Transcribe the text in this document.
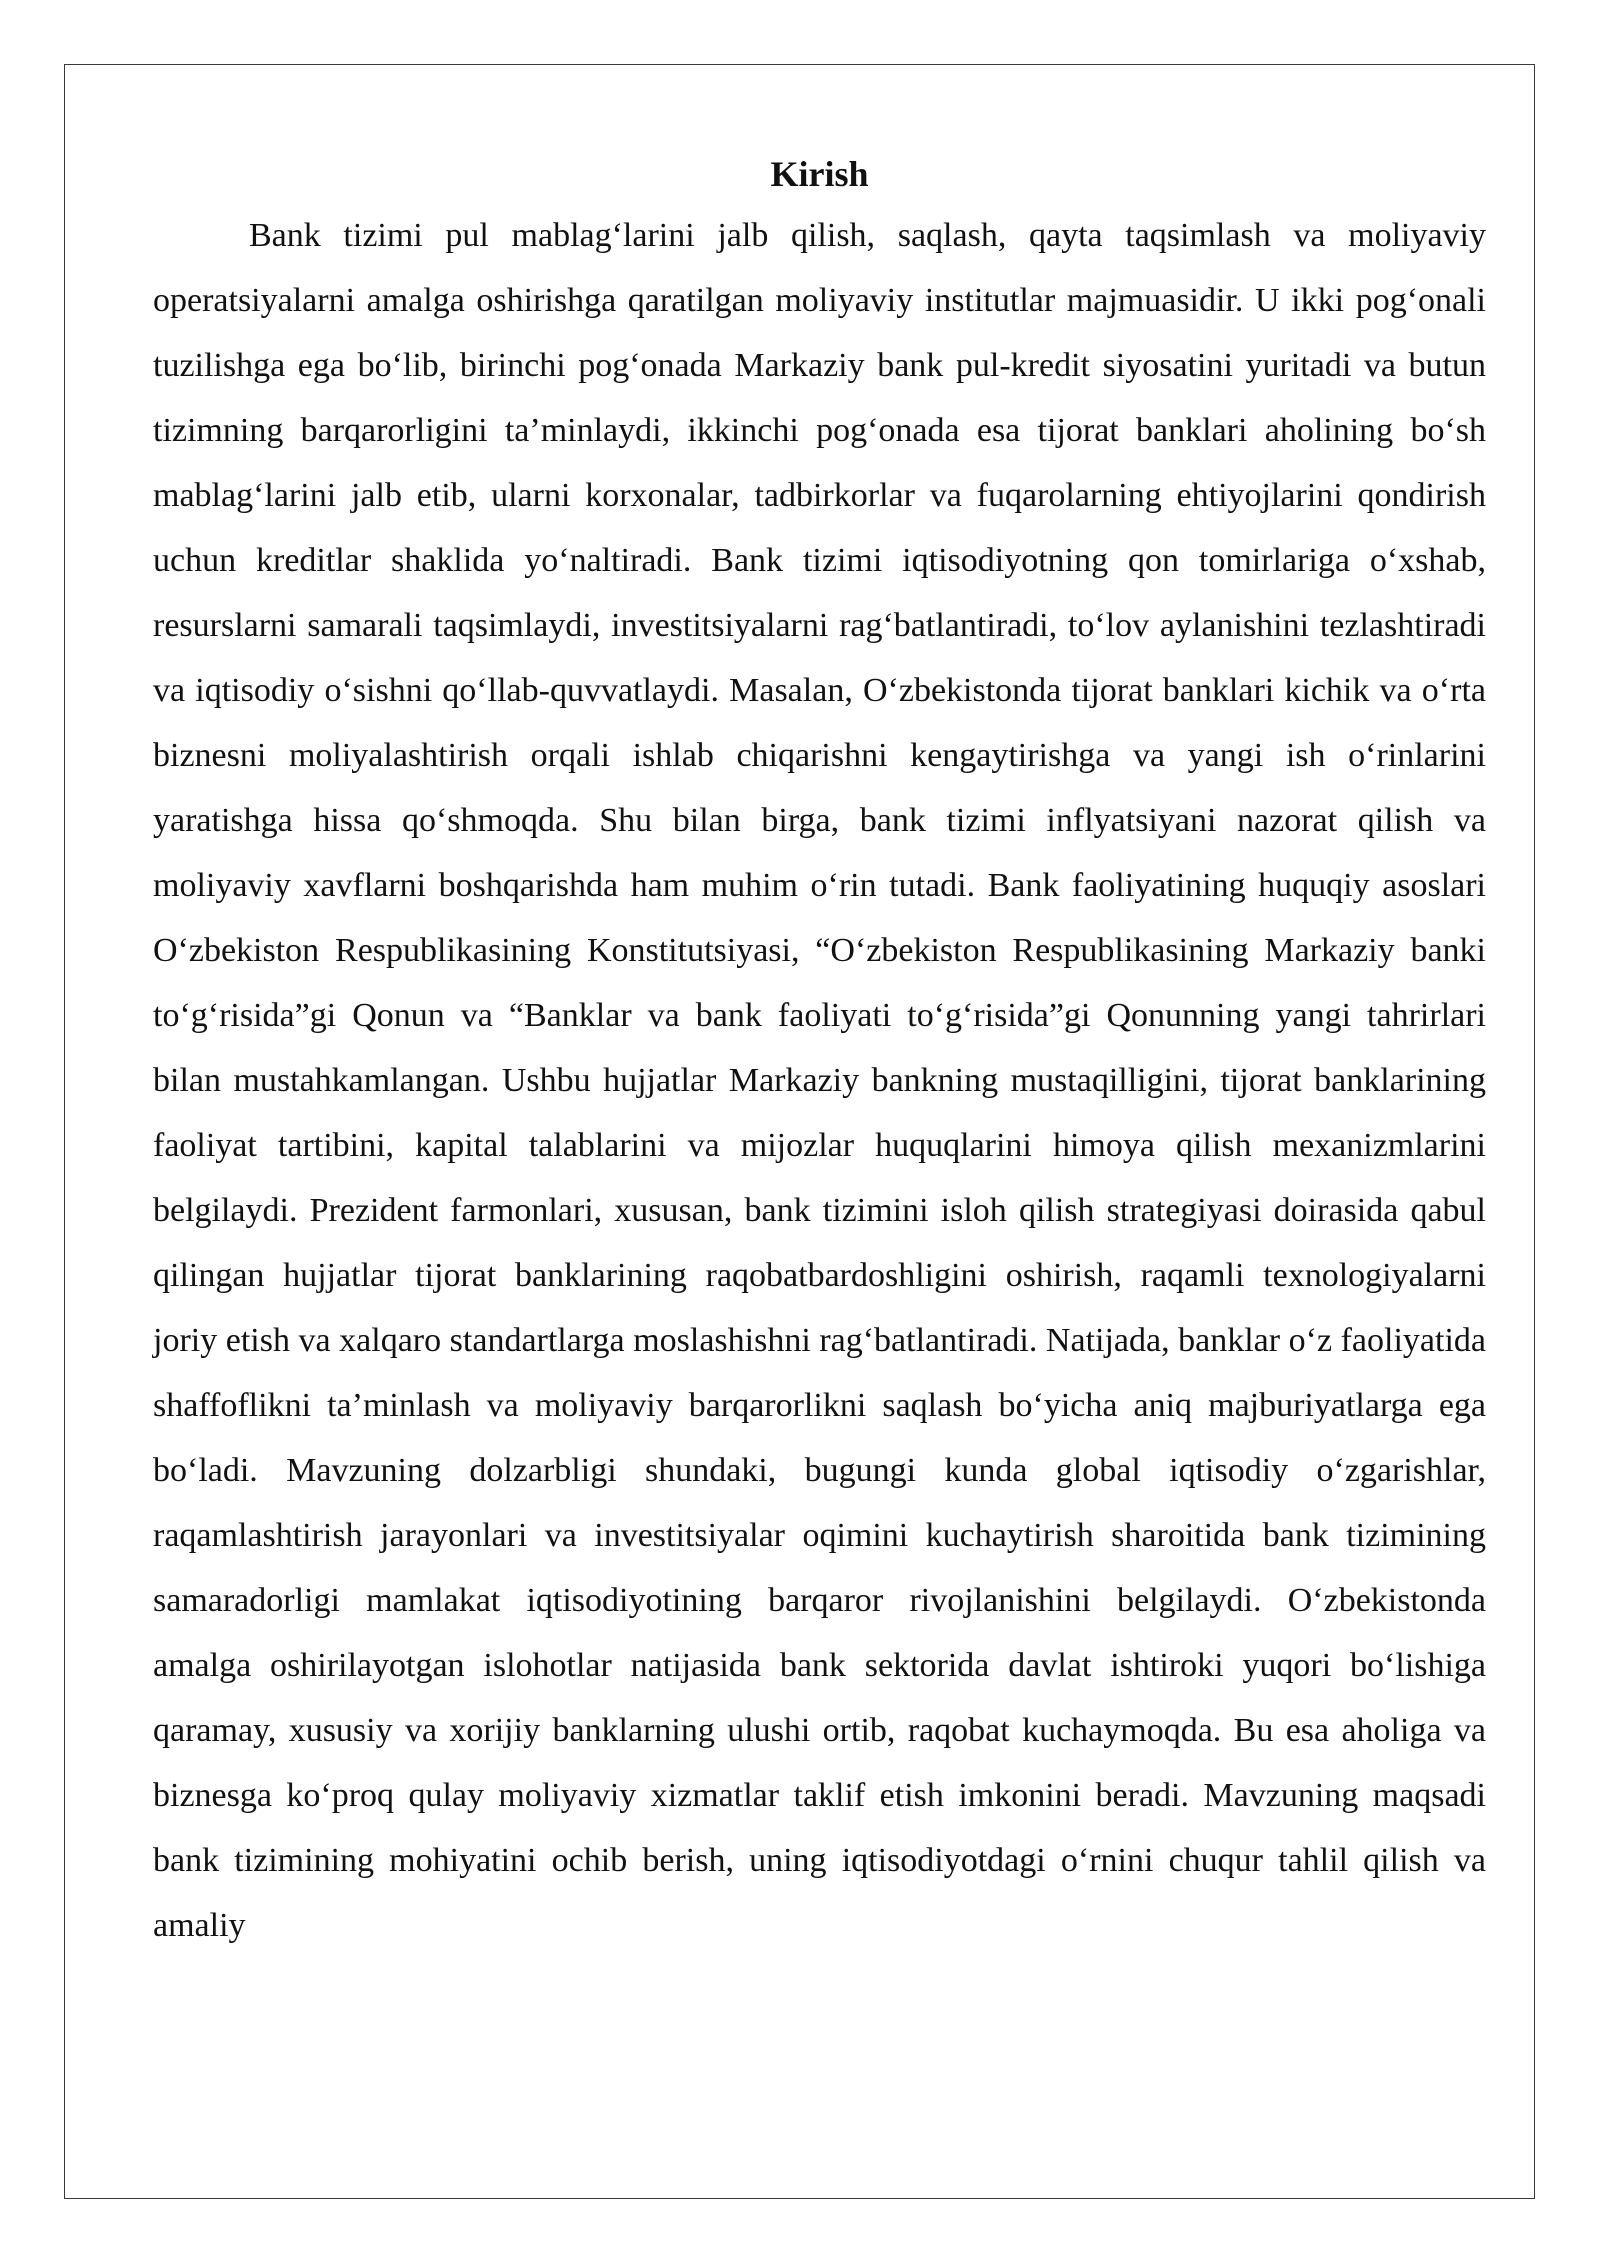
Kirish

Bank tizimi pul mablag‘larini jalb qilish, saqlash, qayta taqsimlash va moliyaviy operatsiyalarni amalga oshirishga qaratilgan moliyaviy institutlar majmuasidir. U ikki pog‘onali tuzilishga ega bo‘lib, birinchi pog‘onada Markaziy bank pul-kredit siyosatini yuritadi va butun tizimning barqarorligini ta’minlaydi, ikkinchi pog‘onada esa tijorat banklari aholining bo‘sh mablag‘larini jalb etib, ularni korxonalar, tadbirkorlar va fuqarolarning ehtiyojlarini qondirish uchun kreditlar shaklida yo‘naltiradi. Bank tizimi iqtisodiyotning qon tomirlariga o‘xshab, resurslarni samarali taqsimlaydi, investitsiyalarni rag‘batlantiradi, to‘lov aylanishini tezlashtiradi va iqtisodiy o‘sishni qo‘llab-quvvatlaydi. Masalan, O‘zbekistonda tijorat banklari kichik va o‘rta biznesni moliyalashtirish orqali ishlab chiqarishni kengaytirishga va yangi ish o‘rinlarini yaratishga hissa qo‘shmoqda. Shu bilan birga, bank tizimi inflyatsiyani nazorat qilish va moliyaviy xavflarni boshqarishda ham muhim o‘rin tutadi. Bank faoliyatining huquqiy asoslari O‘zbekiston Respublikasining Konstitutsiyasi, “O‘zbekiston Respublikasining Markaziy banki to‘g‘risida”gi Qonun va “Banklar va bank faoliyati to‘g‘risida”gi Qonunning yangi tahrirlari bilan mustahkamlangan. Ushbu hujjatlar Markaziy bankning mustaqilligini, tijorat banklarining faoliyat tartibini, kapital talablarini va mijozlar huquqlarini himoya qilish mexanizmlarini belgilaydi. Prezident farmonlari, xususan, bank tizimini isloh qilish strategiyasi doirasida qabul qilingan hujjatlar tijorat banklarining raqobatbardoshligini oshirish, raqamli texnologiyalarni joriy etish va xalqaro standartlarga moslashishni rag‘batlantiradi. Natijada, banklar o‘z faoliyatida shaffoflikni ta’minlash va moliyaviy barqarorlikni saqlash bo‘yicha aniq majburiyatlarga ega bo‘ladi. Mavzuning dolzarbligi shundaki, bugungi kunda global iqtisodiy o‘zgarishlar, raqamlashtirish jarayonlari va investitsiyalar oqimini kuchaytirish sharoitida bank tizimining samaradorligi mamlakat iqtisodiyotining barqaror rivojlanishini belgilaydi. O‘zbekistonda amalga oshirilayotgan islohotlar natijasida bank sektorida davlat ishtiroki yuqori bo‘lishiga qaramay, xususiy va xorijiy banklarning ulushi ortib, raqobat kuchaymoqda. Bu esa aholiga va biznesga ko‘proq qulay moliyaviy xizmatlar taklif etish imkonini beradi. Mavzuning maqsadi bank tizimining mohiyatini ochib berish, uning iqtisodiyotdagi o‘rnini chuqur tahlil qilish va amaliy
